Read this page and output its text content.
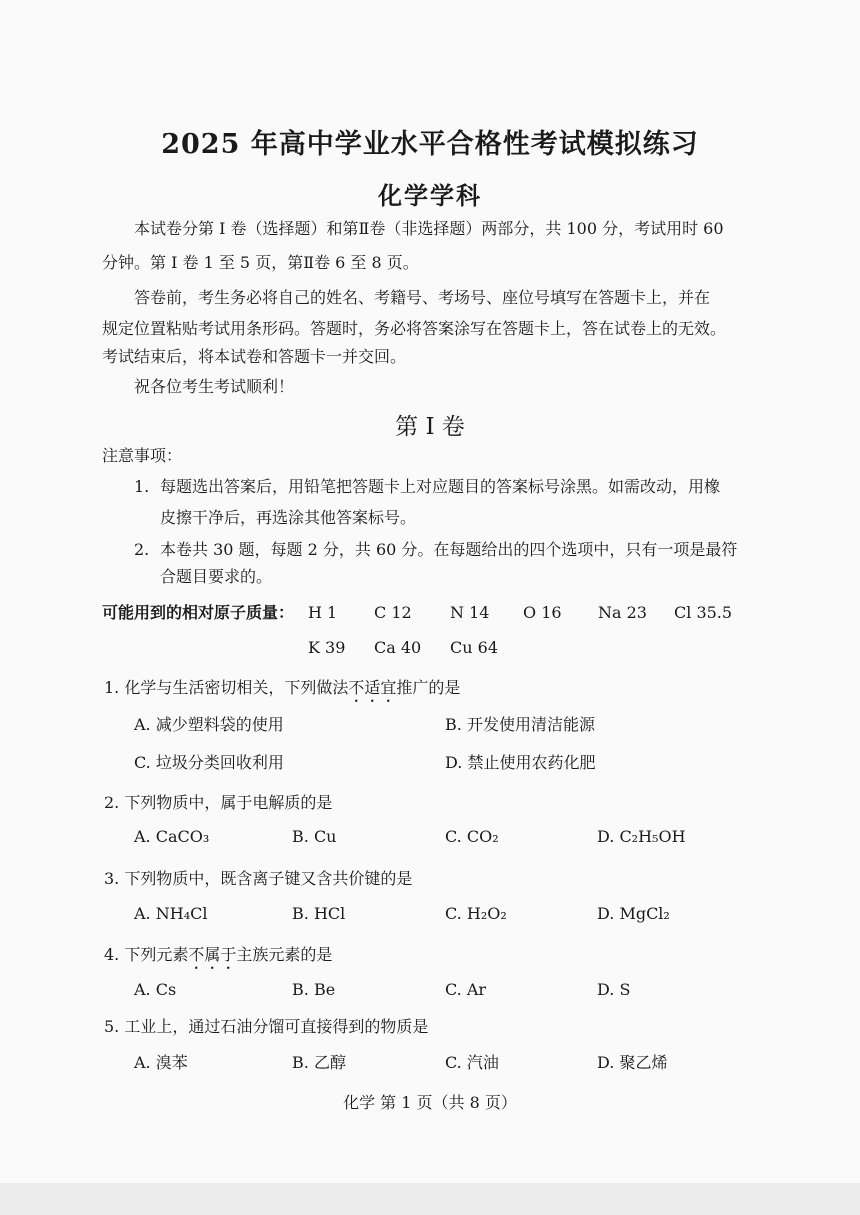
2025 年高中学业水平合格性考试模拟练习
化学学科
本试卷分第 I 卷（选择题）和第Ⅱ卷（非选择题）两部分，共 100 分，考试用时 60
分钟。第 I 卷 1 至 5 页，第Ⅱ卷 6 至 8 页。
答卷前，考生务必将自己的姓名、考籍号、考场号、座位号填写在答题卡上，并在
规定位置粘贴考试用条形码。答题时，务必将答案涂写在答题卡上，答在试卷上的无效。
考试结束后，将本试卷和答题卡一并交回。
祝各位考生考试顺利！
第 I 卷
注意事项：
1. 每题选出答案后，用铅笔把答题卡上对应题目的答案标号涂黑。如需改动，用橡
皮擦干净后，再选涂其他答案标号。
2. 本卷共 30 题，每题 2 分，共 60 分。在每题给出的四个选项中，只有一项是最符
合题目要求的。
可能用到的相对原子质量： H 1 C 12 N 14 O 16 Na 23 Cl 35.5
K 39 Ca 40 Cu 64
1. 化学与生活密切相关，下列做法不适宜推广的是
A. 减少塑料袋的使用	B. 开发使用清洁能源
C. 垃圾分类回收利用	D. 禁止使用农药化肥
2. 下列物质中，属于电解质的是
A. CaCO₃	B. Cu	C. CO₂	D. C₂H₅OH
3. 下列物质中，既含离子键又含共价键的是
A. NH₄Cl	B. HCl	C. H₂O₂	D. MgCl₂
4. 下列元素不属于主族元素的是
A. Cs	B. Be	C. Ar	D. S
5. 工业上，通过石油分馏可直接得到的物质是
A. 溴苯	B. 乙醇	C. 汽油	D. 聚乙烯
化学 第 1 页（共 8 页）
